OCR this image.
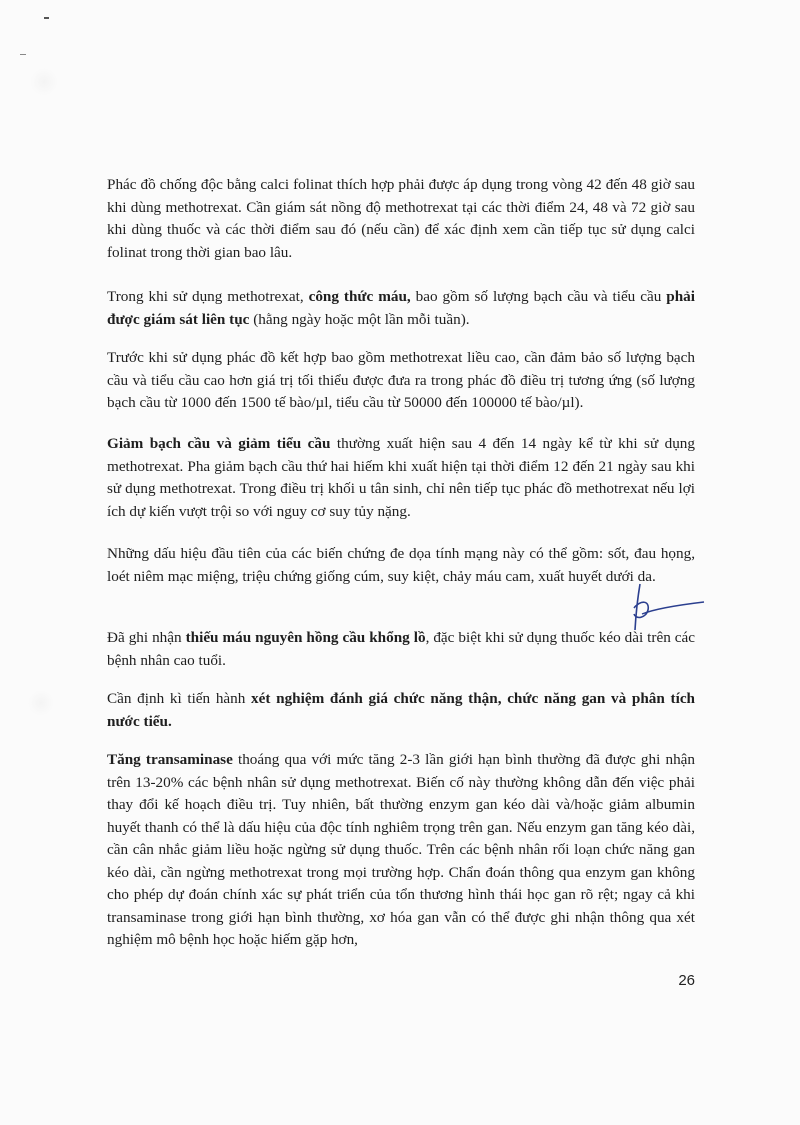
Phác đồ chống độc bằng calci folinat thích hợp phải được áp dụng trong vòng 42 đến 48 giờ sau khi dùng methotrexat. Cần giám sát nồng độ methotrexat tại các thời điểm 24, 48 và 72 giờ sau khi dùng thuốc và các thời điểm sau đó (nếu cần) để xác định xem cần tiếp tục sử dụng calci folinat trong thời gian bao lâu.

Trong khi sử dụng methotrexat, công thức máu, bao gồm số lượng bạch cầu và tiểu cầu phải được giám sát liên tục (hằng ngày hoặc một lần mỗi tuần).

Trước khi sử dụng phác đồ kết hợp bao gồm methotrexat liều cao, cần đảm bảo số lượng bạch cầu và tiểu cầu cao hơn giá trị tối thiểu được đưa ra trong phác đồ điều trị tương ứng (số lượng bạch cầu từ 1000 đến 1500 tế bào/µl, tiểu cầu từ 50000 đến 100000 tế bào/µl).

Giảm bạch cầu và giảm tiểu cầu thường xuất hiện sau 4 đến 14 ngày kể từ khi sử dụng methotrexat. Pha giảm bạch cầu thứ hai hiếm khi xuất hiện tại thời điểm 12 đến 21 ngày sau khi sử dụng methotrexat. Trong điều trị khối u tân sinh, chỉ nên tiếp tục phác đồ methotrexat nếu lợi ích dự kiến vượt trội so với nguy cơ suy tủy nặng.

Những dấu hiệu đầu tiên của các biến chứng đe dọa tính mạng này có thể gồm: sốt, đau họng, loét niêm mạc miệng, triệu chứng giống cúm, suy kiệt, chảy máu cam, xuất huyết dưới da.

Đã ghi nhận thiếu máu nguyên hồng cầu khổng lồ, đặc biệt khi sử dụng thuốc kéo dài trên các bệnh nhân cao tuổi.

Cần định kì tiến hành xét nghiệm đánh giá chức năng thận, chức năng gan và phân tích nước tiểu.

Tăng transaminase thoáng qua với mức tăng 2-3 lần giới hạn bình thường đã được ghi nhận trên 13-20% các bệnh nhân sử dụng methotrexat. Biến cố này thường không dẫn đến việc phải thay đổi kế hoạch điều trị. Tuy nhiên, bất thường enzym gan kéo dài và/hoặc giảm albumin huyết thanh có thể là dấu hiệu của độc tính nghiêm trọng trên gan. Nếu enzym gan tăng kéo dài, cần cân nhắc giảm liều hoặc ngừng sử dụng thuốc. Trên các bệnh nhân rối loạn chức năng gan kéo dài, cần ngừng methotrexat trong mọi trường hợp. Chẩn đoán thông qua enzym gan không cho phép dự đoán chính xác sự phát triển của tổn thương hình thái học gan rõ rệt; ngay cả khi transaminase trong giới hạn bình thường, xơ hóa gan vẫn có thể được ghi nhận thông qua xét nghiệm mô bệnh học hoặc hiếm gặp hơn,

26
